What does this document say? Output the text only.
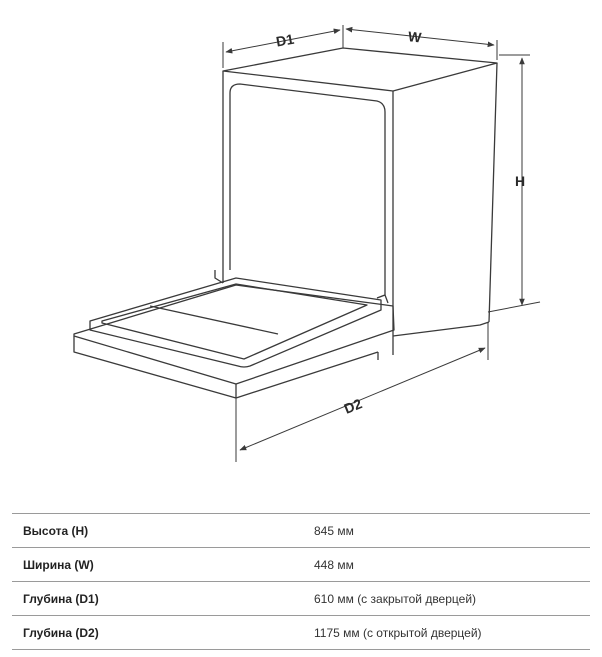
D1	W
H
D2
Высота (H)	845 мм
Ширина (W)	448 мм
Глубина (D1)	610 мм (с закрытой дверцей)
Глубина (D2)	1175 мм (с открытой дверцей)
